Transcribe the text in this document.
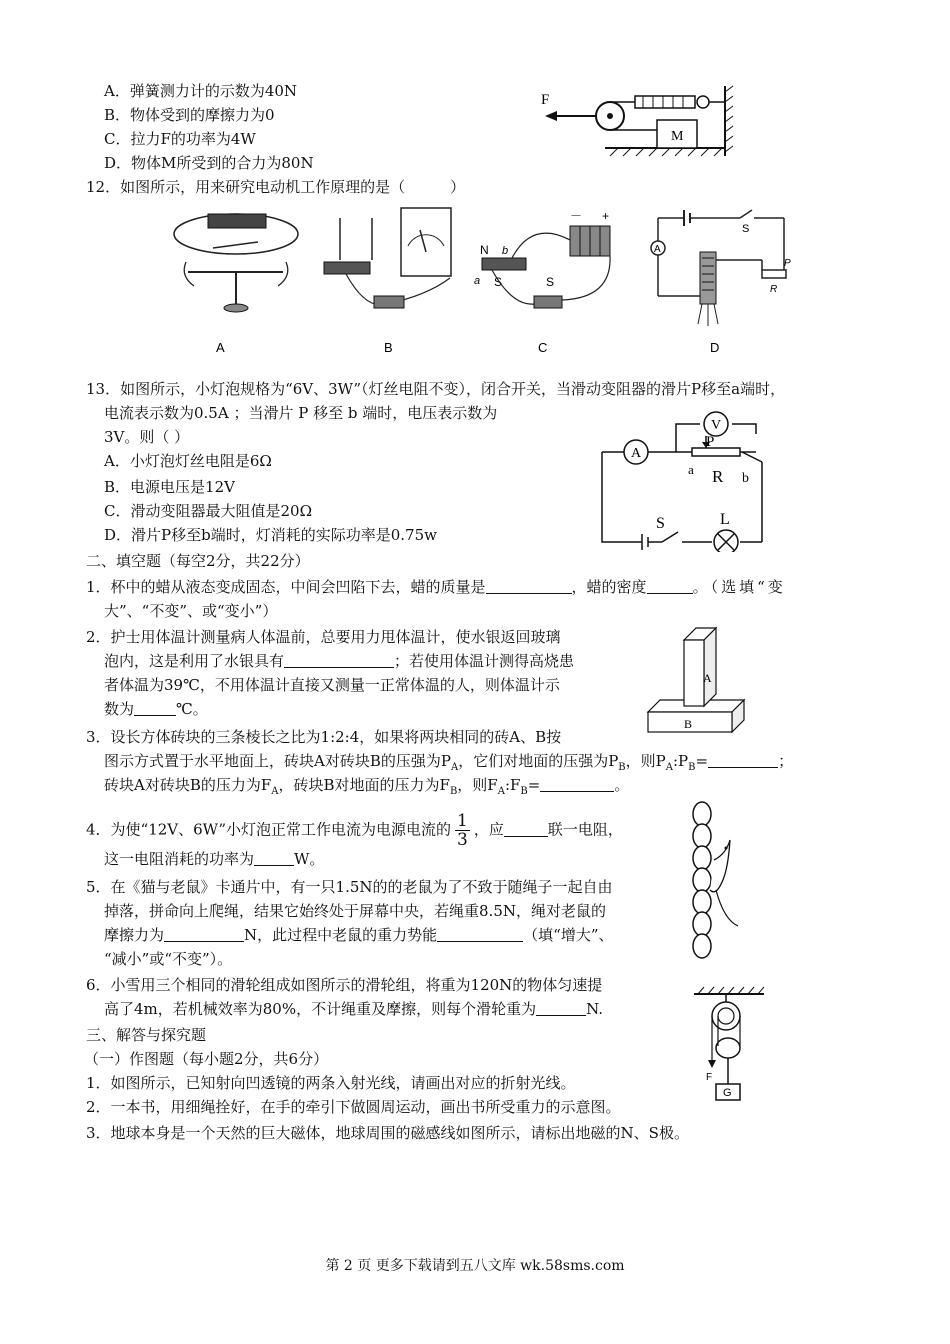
A．弹簧测力计的示数为40N
B．物体受到的摩擦力为0
C．拉力F的功率为4W
D．物体M所受到的合力为80N
M
F
12．如图所示，用来研究电动机工作原理的是（　　　）
A	B
－ +
N b
a S	S
C
S
A
P
R
D
13．如图所示，小灯泡规格为“6V、3W”（灯丝电阻不变），闭合开关，当滑动变阻器的滑片P移至a端时，
电流表示数为0.5A ；当滑片 P 移至 b 端时，电压表示数为
3V。则（ ）
A．小灯泡灯丝电阻是6Ω
B．电源电压是12V
C．滑动变阻器最大阻值是20Ω
D．滑片P移至b端时，灯消耗的实际功率是0.75w
A
V
P
a R b
S	L
二、填空题（每空2分，共22分）
1．杯中的蜡从液态变成固态，中间会凹陷下去，蜡的质量是	，蜡的密度	。（选填“变
大”、“不变”、或“变小”）
2．护士用体温计测量病人体温前，总要用力甩体温计，使水银返回玻璃
泡内，这是利用了水银具有	；若使用体温计测得高烧患
者体温为39℃，不用体温计直接又测量一正常体温的人，则体温计示
数为	℃。
A
B
3．设长方体砖块的三条棱长之比为1:2:4，如果将两块相同的砖A、B按
图示方式置于水平地面上，砖块A对砖块B的压强为$P_A$，它们对地面的压强为$P_B$，则$P_A:P_B=$	；
砖块A对砖块B的压力为$F_A$，砖块B对地面的压力为$F_B$，则$F_A:F_B=$	。
4．为使“12V、6W”小灯泡正常工作电流为电源电流的 $\frac{1}{3}$ ，应	联一电阻，
这一电阻消耗的功率为	W。
5．在《猫与老鼠》卡通片中，有一只1.5N的的老鼠为了不致于随绳子一起自由
掉落，拼命向上爬绳，结果它始终处于屏幕中央，若绳重8.5N，绳对老鼠的
摩擦力为	N，此过程中老鼠的重力势能	（填“增大”、
“减小”或“不变”）。
6．小雪用三个相同的滑轮组成如图所示的滑轮组，将重为120N的物体匀速提
高了4m，若机械效率为80%，不计绳重及摩擦，则每个滑轮重为	N.
F
G
三、解答与探究题
（一）作图题（每小题2分，共6分）
1．如图所示，已知射向凹透镜的两条入射光线，请画出对应的折射光线。
2．一本书，用细绳拴好，在手的牵引下做圆周运动，画出书所受重力的示意图。
3．地球本身是一个天然的巨大磁体，地球周围的磁感线如图所示，请标出地磁的N、S极。
第 2 页 更多下载请到五八文库 wk.58sms.com
